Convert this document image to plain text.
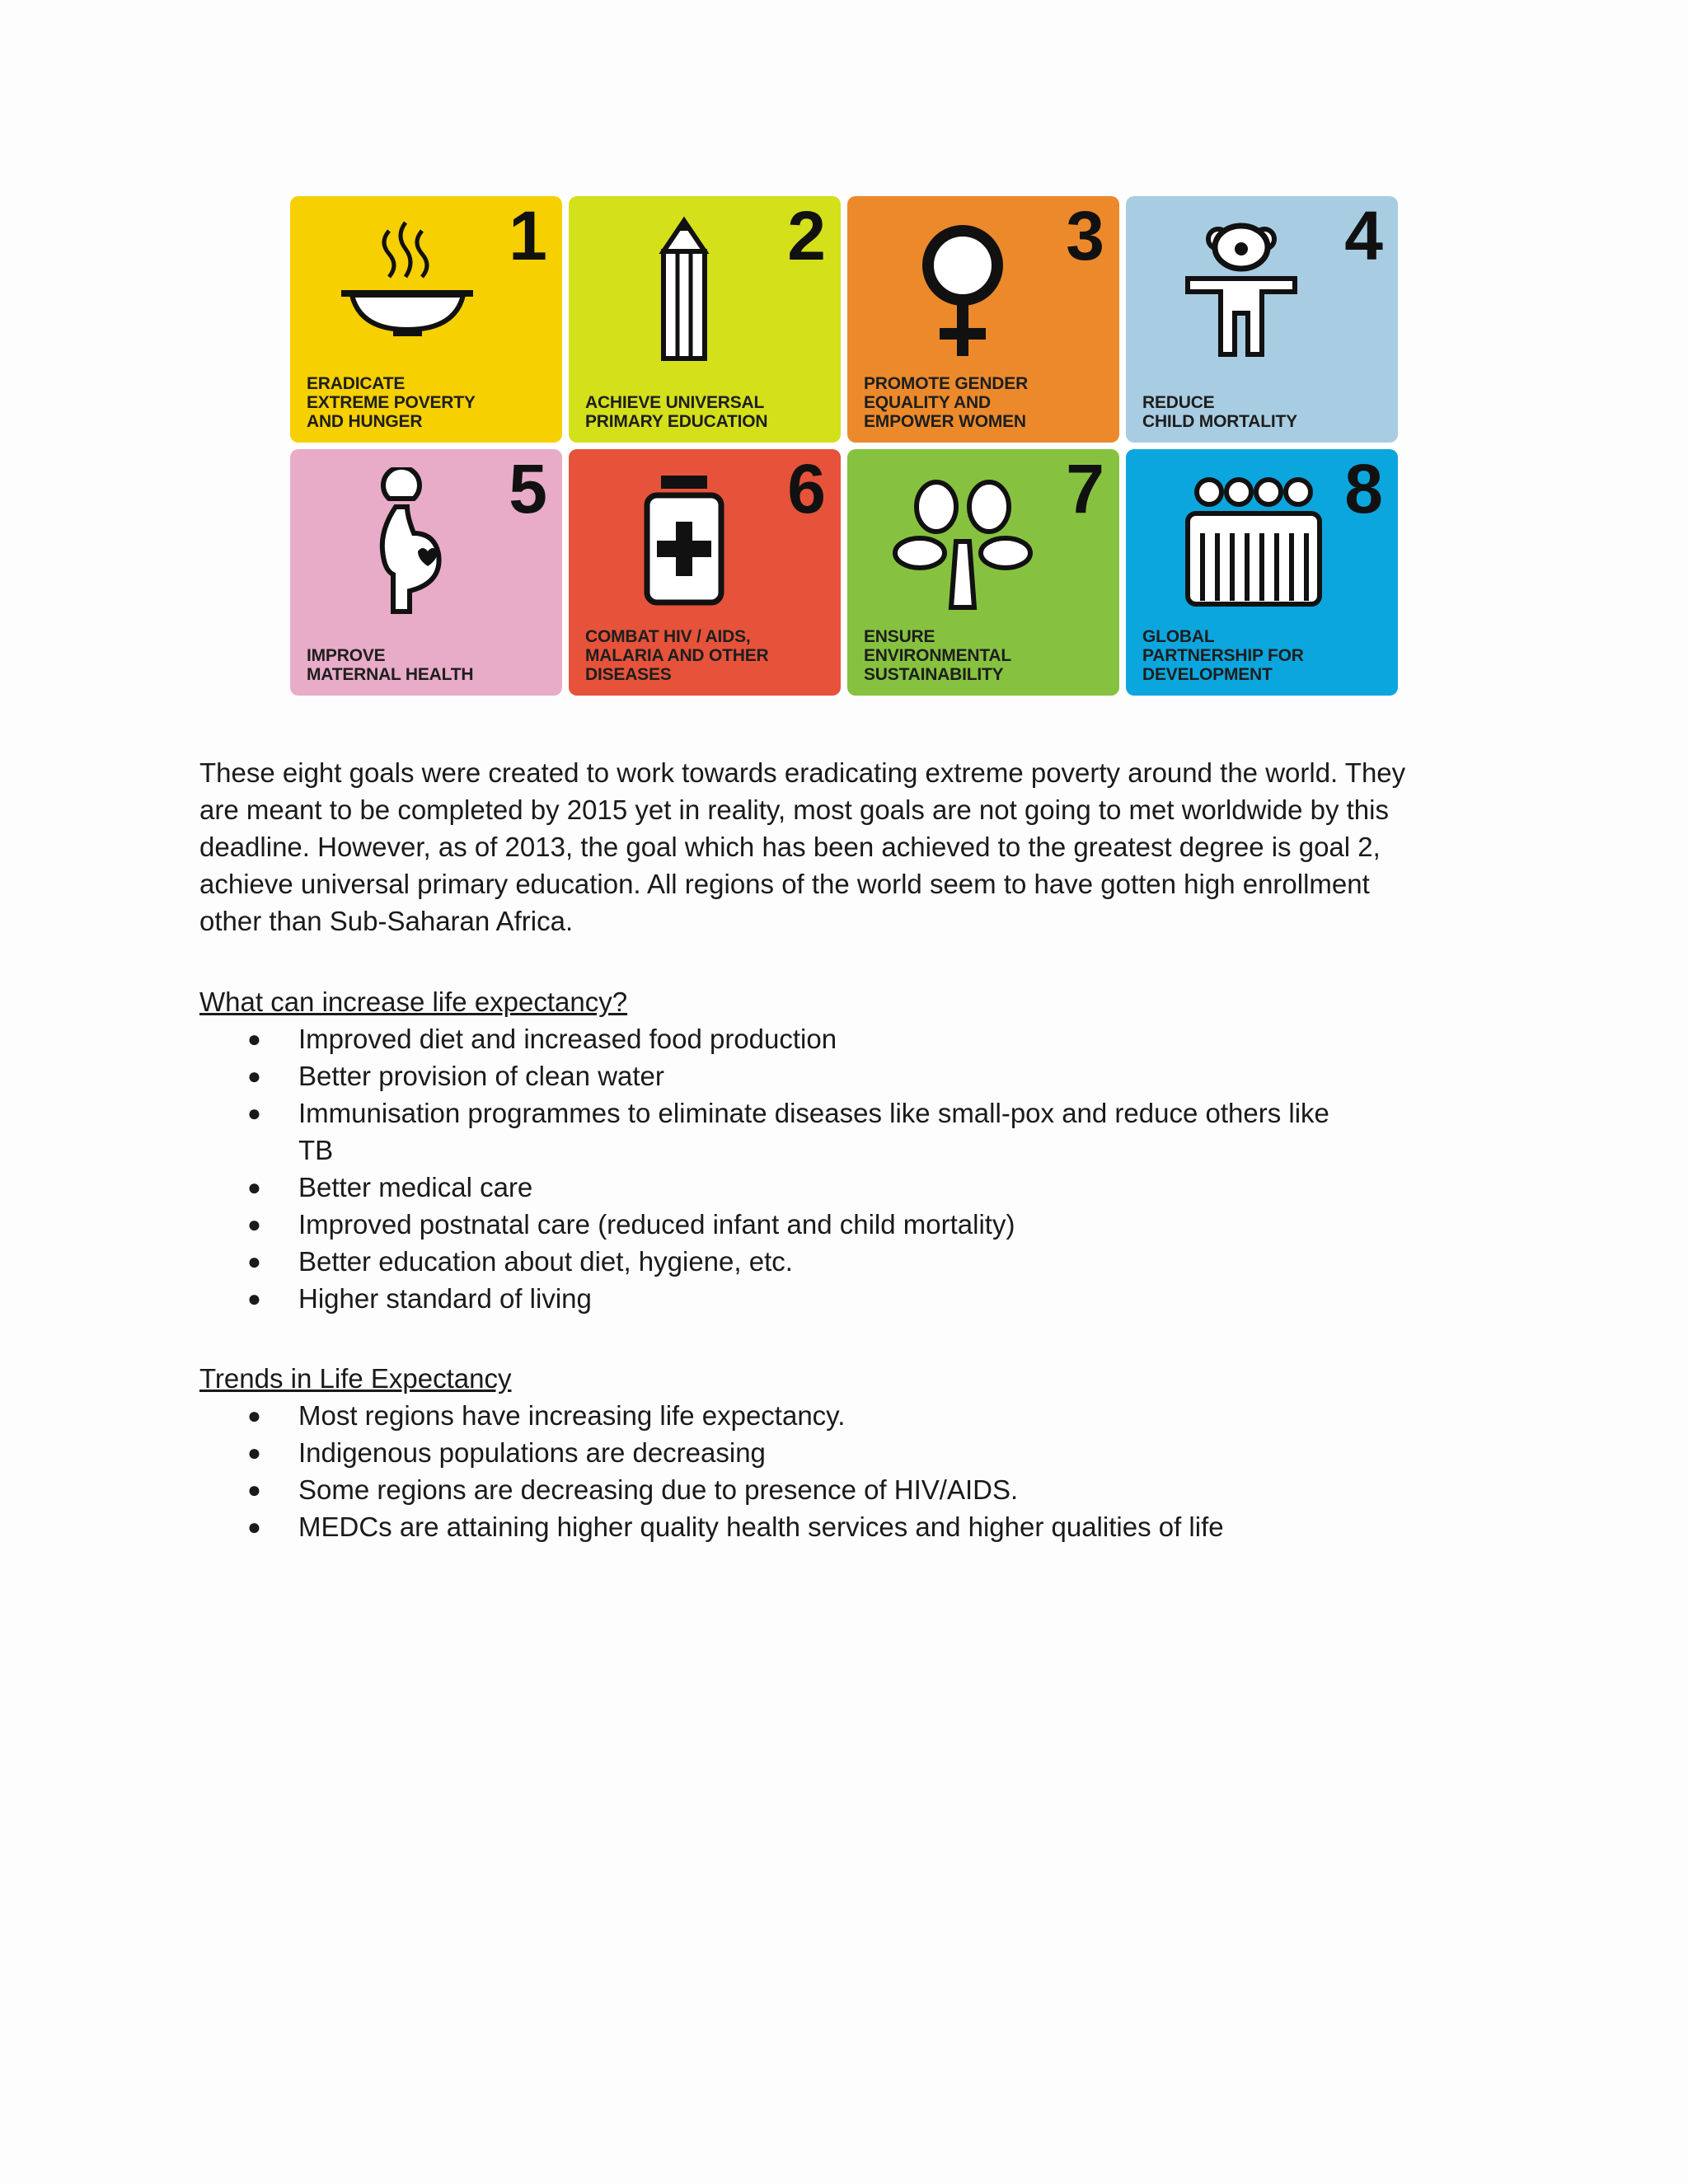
1
ERADICATE
EXTREME POVERTY
AND HUNGER
2
ACHIEVE UNIVERSAL
PRIMARY EDUCATION
3
PROMOTE GENDER
EQUALITY AND
EMPOWER WOMEN
4
REDUCE
CHILD MORTALITY
5
IMPROVE
MATERNAL HEALTH
6
COMBAT HIV / AIDS,
MALARIA AND OTHER
DISEASES
7
ENSURE
ENVIRONMENTAL
SUSTAINABILITY
8
GLOBAL
PARTNERSHIP FOR
DEVELOPMENT
These eight goals were created to work towards eradicating extreme poverty around the world. They
are meant to be completed by 2015 yet in reality, most goals are not going to met worldwide by this
deadline. However, as of 2013, the goal which has been achieved to the greatest degree is goal 2,
achieve universal primary education. All regions of the world seem to have gotten high enrollment
other than Sub-Saharan Africa.
What can increase life expectancy?
● Improved diet and increased food production
● Better provision of clean water
● Immunisation programmes to eliminate diseases like small-pox and reduce others like
TB
● Better medical care
● Improved postnatal care (reduced infant and child mortality)
● Better education about diet, hygiene, etc.
● Higher standard of living
Trends in Life Expectancy
● Most regions have increasing life expectancy.
● Indigenous populations are decreasing
● Some regions are decreasing due to presence of HIV/AIDS.
● MEDCs are attaining higher quality health services and higher qualities of life
